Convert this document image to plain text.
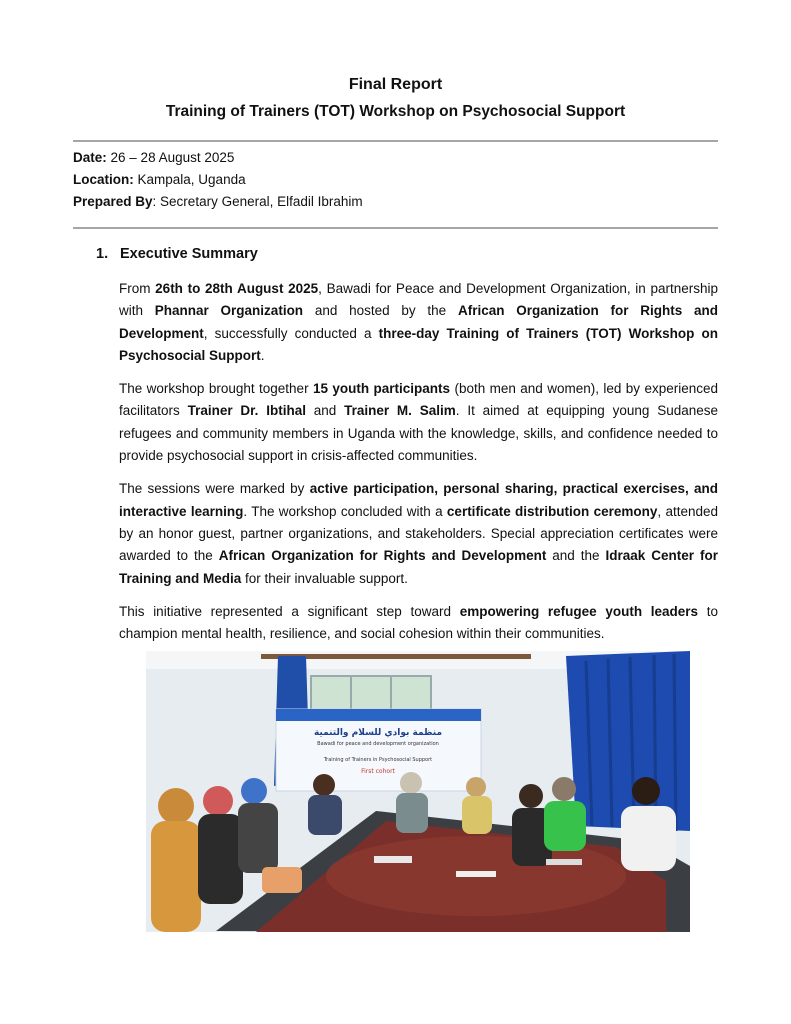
Final Report
Training of Trainers (TOT) Workshop on Psychosocial Support
Date: 26 – 28 August 2025
Location: Kampala, Uganda
Prepared By: Secretary General, Elfadil Ibrahim
1. Executive Summary

From 26th to 28th August 2025, Bawadi for Peace and Development Organization, in partnership with Phannar Organization and hosted by the African Organization for Rights and Development, successfully conducted a three-day Training of Trainers (TOT) Workshop on Psychosocial Support.

The workshop brought together 15 youth participants (both men and women), led by experienced facilitators Trainer Dr. Ibtihal and Trainer M. Salim. It aimed at equipping young Sudanese refugees and community members in Uganda with the knowledge, skills, and confidence needed to provide psychosocial support in crisis-affected communities.

The sessions were marked by active participation, personal sharing, practical exercises, and interactive learning. The workshop concluded with a certificate distribution ceremony, attended by an honor guest, partner organizations, and stakeholders. Special appreciation certificates were awarded to the African Organization for Rights and Development and the Idraak Center for Training and Media for their invaluable support.

This initiative represented a significant step toward empowering refugee youth leaders to champion mental health, resilience, and social cohesion within their communities.

منظمة بوادي للسلام والتنمية
Bawadi for peace and development organization
Training of Trainers in Psychosocial Support
First cohort
